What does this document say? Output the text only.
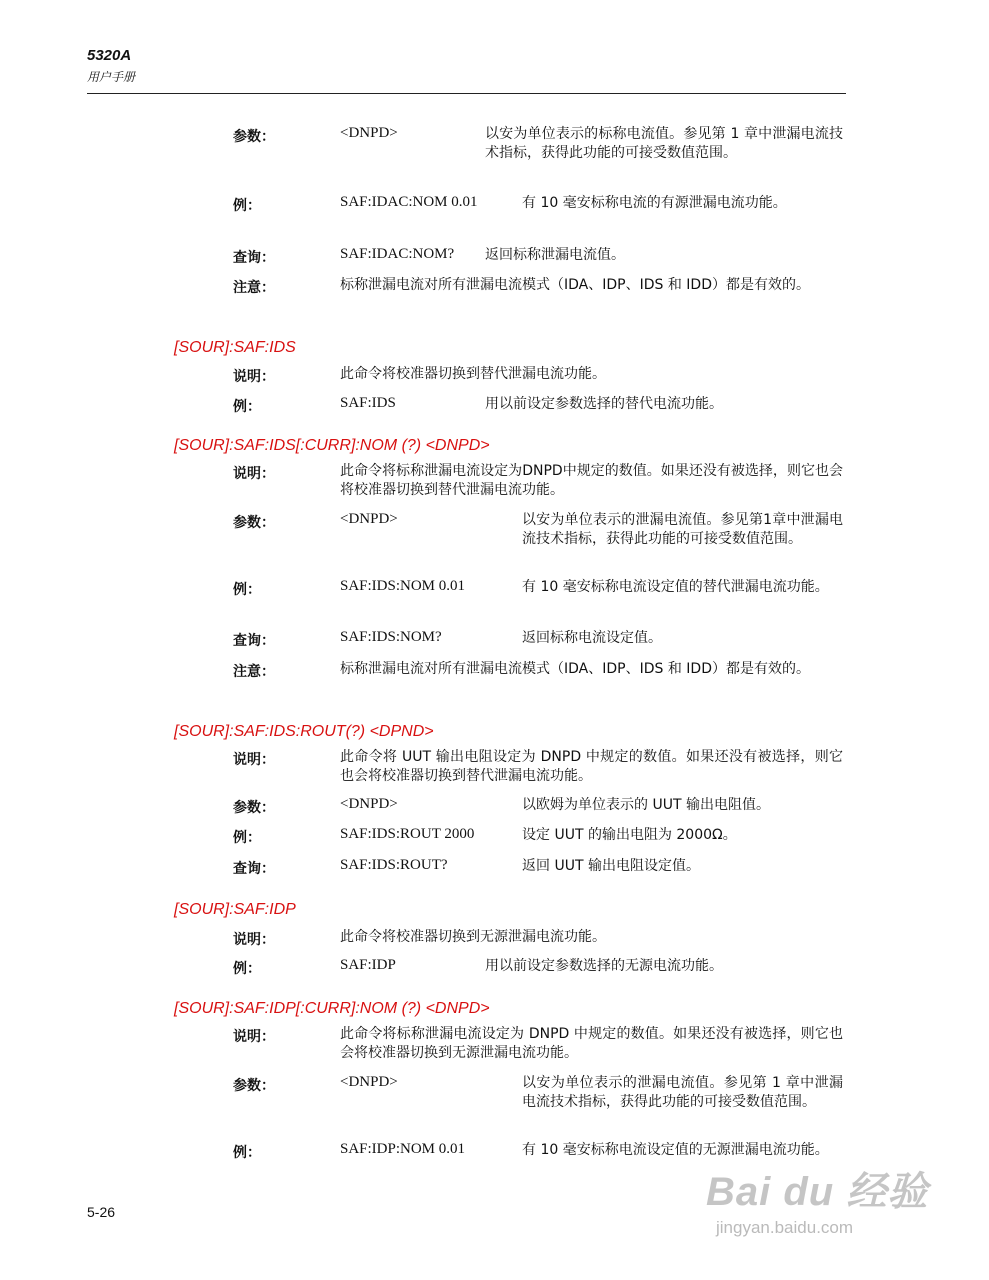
5320A

用户手册

参数：	<DNPD>	以安为单位表示的标称电流值。参见第 1 章中泄漏电流技术指标，获得此功能的可接受数值范围。

例：	SAF:IDAC:NOM 0.01	有 10 毫安标称电流的有源泄漏电流功能。

查询：	SAF:IDAC:NOM? 返回标称泄漏电流值。

注意：	标称泄漏电流对所有泄漏电流模式（IDA、IDP、IDS 和 IDD）都是有效的。

[SOUR]:SAF:IDS

说明：	此命令将校准器切换到替代泄漏电流功能。

例：	SAF:IDS	用以前设定参数选择的替代电流功能。

[SOUR]:SAF:IDS[:CURR]:NOM (?) <DNPD>

说明：	此命令将标称泄漏电流设定为DNPD中规定的数值。如果还没有被选择，则它也会将校准器切换到替代泄漏电流功能。

参数：	<DNPD>	以安为单位表示的泄漏电流值。参见第1章中泄漏电流技术指标，获得此功能的可接受数值范围。

例：	SAF:IDS:NOM 0.01	有 10 毫安标称电流设定值的替代泄漏电流功能。

查询：	SAF:IDS:NOM?	返回标称电流设定值。

注意：	标称泄漏电流对所有泄漏电流模式（IDA、IDP、IDS 和 IDD）都是有效的。

[SOUR]:SAF:IDS:ROUT(?) <DPND>

说明：	此命令将 UUT 输出电阻设定为 DNPD 中规定的数值。如果还没有被选择，则它也会将校准器切换到替代泄漏电流功能。

参数：	<DNPD>	以欧姆为单位表示的 UUT 输出电阻值。

例：	SAF:IDS:ROUT 2000	设定 UUT 的输出电阻为 2000Ω。

查询：	SAF:IDS:ROUT?	返回 UUT 输出电阻设定值。

[SOUR]:SAF:IDP

说明：	此命令将校准器切换到无源泄漏电流功能。

例：	SAF:IDP	用以前设定参数选择的无源电流功能。

[SOUR]:SAF:IDP[:CURR]:NOM (?) <DNPD>

说明：	此命令将标称泄漏电流设定为 DNPD 中规定的数值。如果还没有被选择，则它也会将校准器切换到无源泄漏电流功能。

参数：	<DNPD>	以安为单位表示的泄漏电流值。参见第 1 章中泄漏电流技术指标，获得此功能的可接受数值范围。

例：	SAF:IDP:NOM 0.01	有 10 毫安标称电流设定值的无源泄漏电流功能。

5-26	Bai du 经验
jingyan.baidu.com
